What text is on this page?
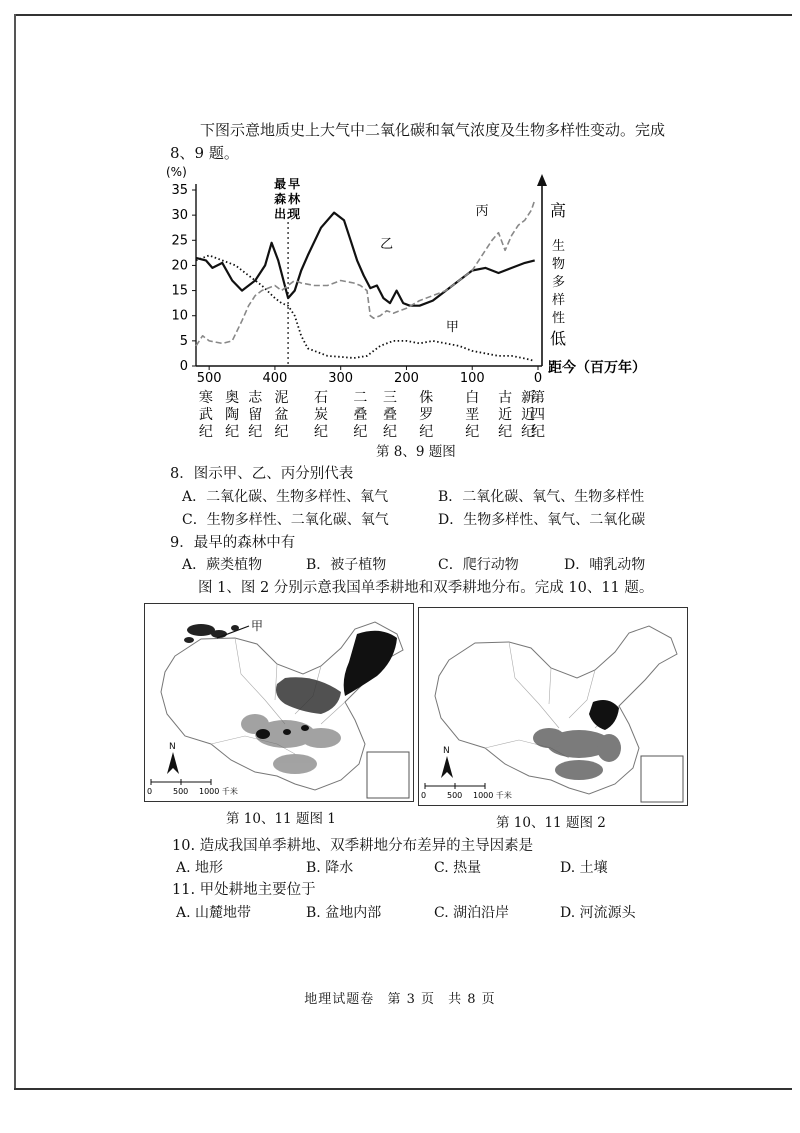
下图示意地质史上大气中二氧化碳和氧气浓度及生物多样性变动。完成
8、9 题。
(%)
0
5
10
15
20
25
30
35
500	400	300	200	100	0
距今（百万年）
高
生
物
多
样
性
低
最
森
出
早
林
现
甲
乙
丙
寒
武
纪
奥
陶
纪
志
留
纪
泥
盆
纪
石
炭
纪
二
叠
纪
三
叠
纪
侏
罗
纪
白
垩
纪
古
近
纪
新
近
纪
第
四
纪
第 8、9 题图
8．图示甲、乙、丙分别代表
A．二氧化碳、生物多样性、氧气	B．二氧化碳、氧气、生物多样性
C．生物多样性、二氧化碳、氧气	D．生物多样性、氧气、二氧化碳
9．最早的森林中有
A．蕨类植物	B．被子植物	C．爬行动物	D．哺乳动物
图 1、图 2 分别示意我国单季耕地和双季耕地分布。完成 10、11 题。
甲
N
0	500 1000 千米
第 10、11 题图 1
N
0	500 1000 千米
第 10、11 题图 2
10. 造成我国单季耕地、双季耕地分布差异的主导因素是
A. 地形	B. 降水	C. 热量	D. 土壤
11. 甲处耕地主要位于
A. 山麓地带	B. 盆地内部	C. 湖泊沿岸	D. 河流源头
地理试题卷 第 3 页 共 8 页
